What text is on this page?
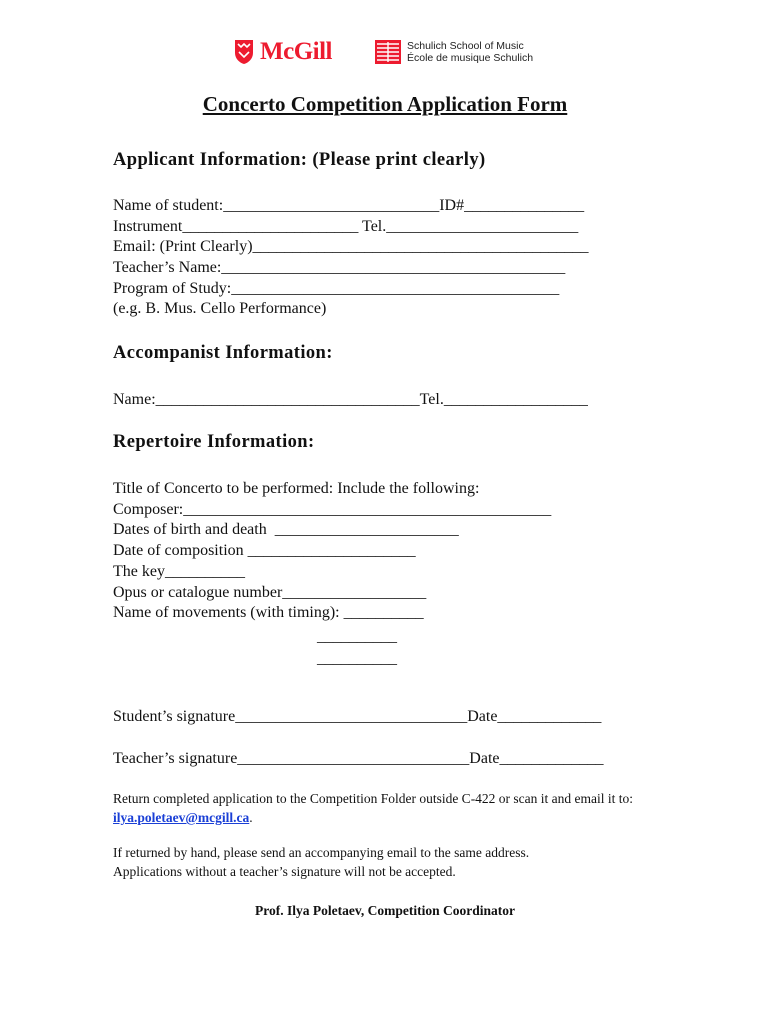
McGill	Schulich School of Music
École de musique Schulich
Concerto Competition Application Form
Applicant Information: (Please print clearly)
Name of student:___________________________ID#_______________
Instrument______________________ Tel.________________________
Email: (Print Clearly)__________________________________________
Teacher’s Name:___________________________________________
Program of Study:_________________________________________
(e.g. B. Mus. Cello Performance)
Accompanist Information:
Name:_________________________________Tel.__________________
Repertoire Information:
Title of Concerto to be performed: Include the following:
Composer:______________________________________________
Dates of birth and death  _______________________
Date of composition _____________________
The key__________
Opus or catalogue number__________________
Name of movements (with timing): __________
__________
__________
Student’s signature_____________________________Date_____________
Teacher’s signature_____________________________Date_____________
Return completed application to the Competition Folder outside C-422 or scan it and email it to: ilya.poletaev@mcgill.ca.
If returned by hand, please send an accompanying email to the same address.
Applications without a teacher’s signature will not be accepted.
Prof. Ilya Poletaev, Competition Coordinator
